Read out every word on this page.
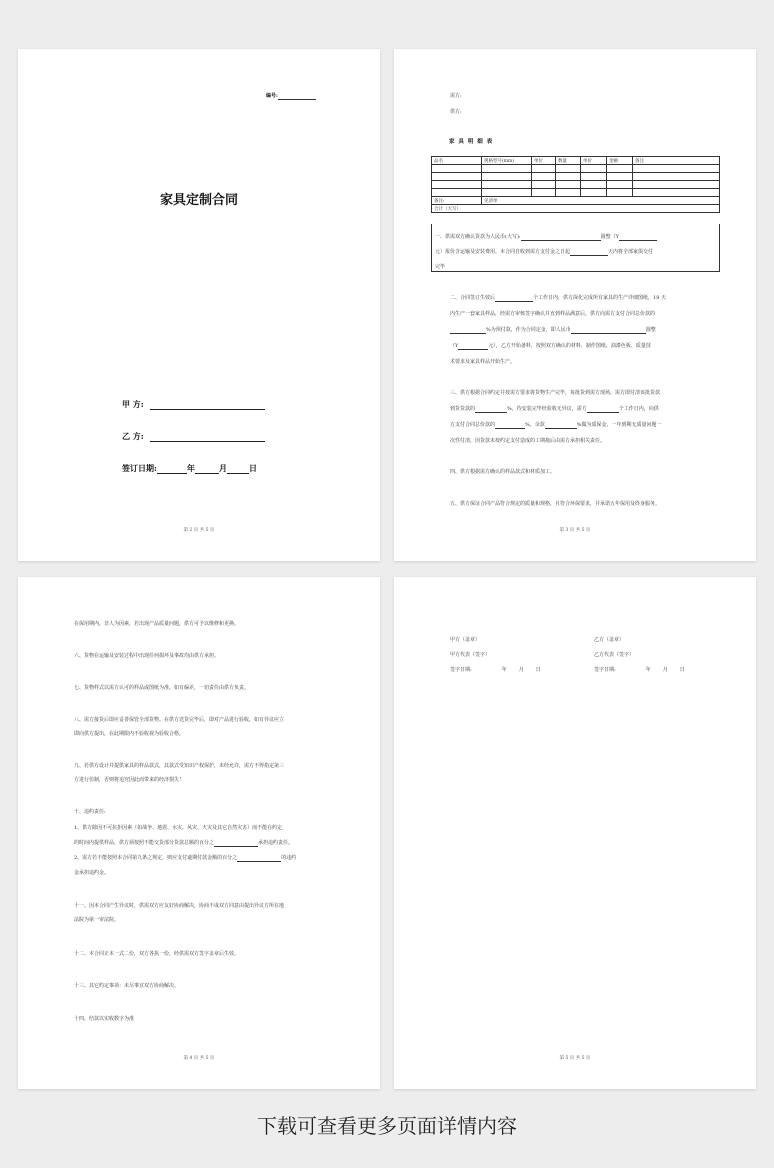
编号:
家具定制合同
甲 方:
乙 方:
签订日期:	年	月	日
第 2 页 共 5 页
需方:
供方:
家 具 明 细 表
品名	规格型号(mm)	单位	数量	单价	金额	备注

备注:	见清单					
合计（大写）						
一、供需双方确认货款为人民币(大写):	圆整（Y
元）报价含运输及安装费用。本合同自收到需方支付金之日起	天内将全部家俱交付
完毕
二、合同签订生效后	个工作日内，供方深化完成所有家具的生产详细图纸，18 天
内生产一套家具样品，经需方审核签字确认并直到样品满意后，供方向需方支付合同总价款的
%为预付款，作为合同定金，即人民币	圆整
（Y	元），乙方开始备料，按照双方确认的材料、制作图纸、油漆色板、质量技
术要求及家具样品开始生产。
三、供方根据合同约定并按需方要求将货物生产完毕，每批货到需方现场，需方即付清该批货款
到货货款的	%，待安装完毕经验收无异议，需方	个工作日内，向供
方支付合同总价款的	%，余款	%做为质保金，一年到期无质量问题一
次性付清，因货款未按约定支付造成的工期拖后由需方承担相关责任。
四、供方根据需方确认的样品款式和材质加工。
五、供方保证合同产品符合规定的质量和规格，且符合环保要求，并承诺五年保用及终身服务。
第 3 页 共 5 页
在保用期内，非人为因素，若出现产品质量问题，供方可予以维修和更换。
六、货物在运输及安装过程中出现任何损坏及事故均由供方承担。
七、货物样式以需方认可的样品或图纸为准，如有偏差，一切责任由供方负责。
八、需方接货后即应妥善保管全部货物。在供方送货完毕后，即对产品进行验收，如有异议应立
即向供方提出，在此期限内不验收视为验收合格。
九、若供方设计并提供家具的样品款式，其款式受知识产权保护，未经允许，需方不得指定第三
方进行仿制，否则将追究因此而带来的经济损失！
十、违约责任:
1、供方除因不可抗拒因素（如战争、地震、水灾、风灾、火灾及其它自然灾害）而不能在约定
的时间内提供样品，供方须按照不能交货部分货款总额的百分之	承担违约责任。
2、需方若不能按照本合同第九条之规定，则应支付逾期付款金额的百分之	的违约
金承担违约金。
十一、因本合同产生异议时，供需双方应友好协商解决，协商不成双方同意由提出异议方所在地
法院为第一审法院。
十二、本合同正本一式二份，双方各执一份，经供需双方签字盖章后生效。
十三、其它约定事项：未尽事宜双方协商解决。
十四、结款以实收数字为准
第 4 页 共 5 页
甲方（盖章）	乙方（盖章）
甲方代表（签字）	乙方代表（签字）
签字日期:	年 月 日	签字日期:	年 月 日
第 5 页 共 5 页
下载可查看更多页面详情内容
